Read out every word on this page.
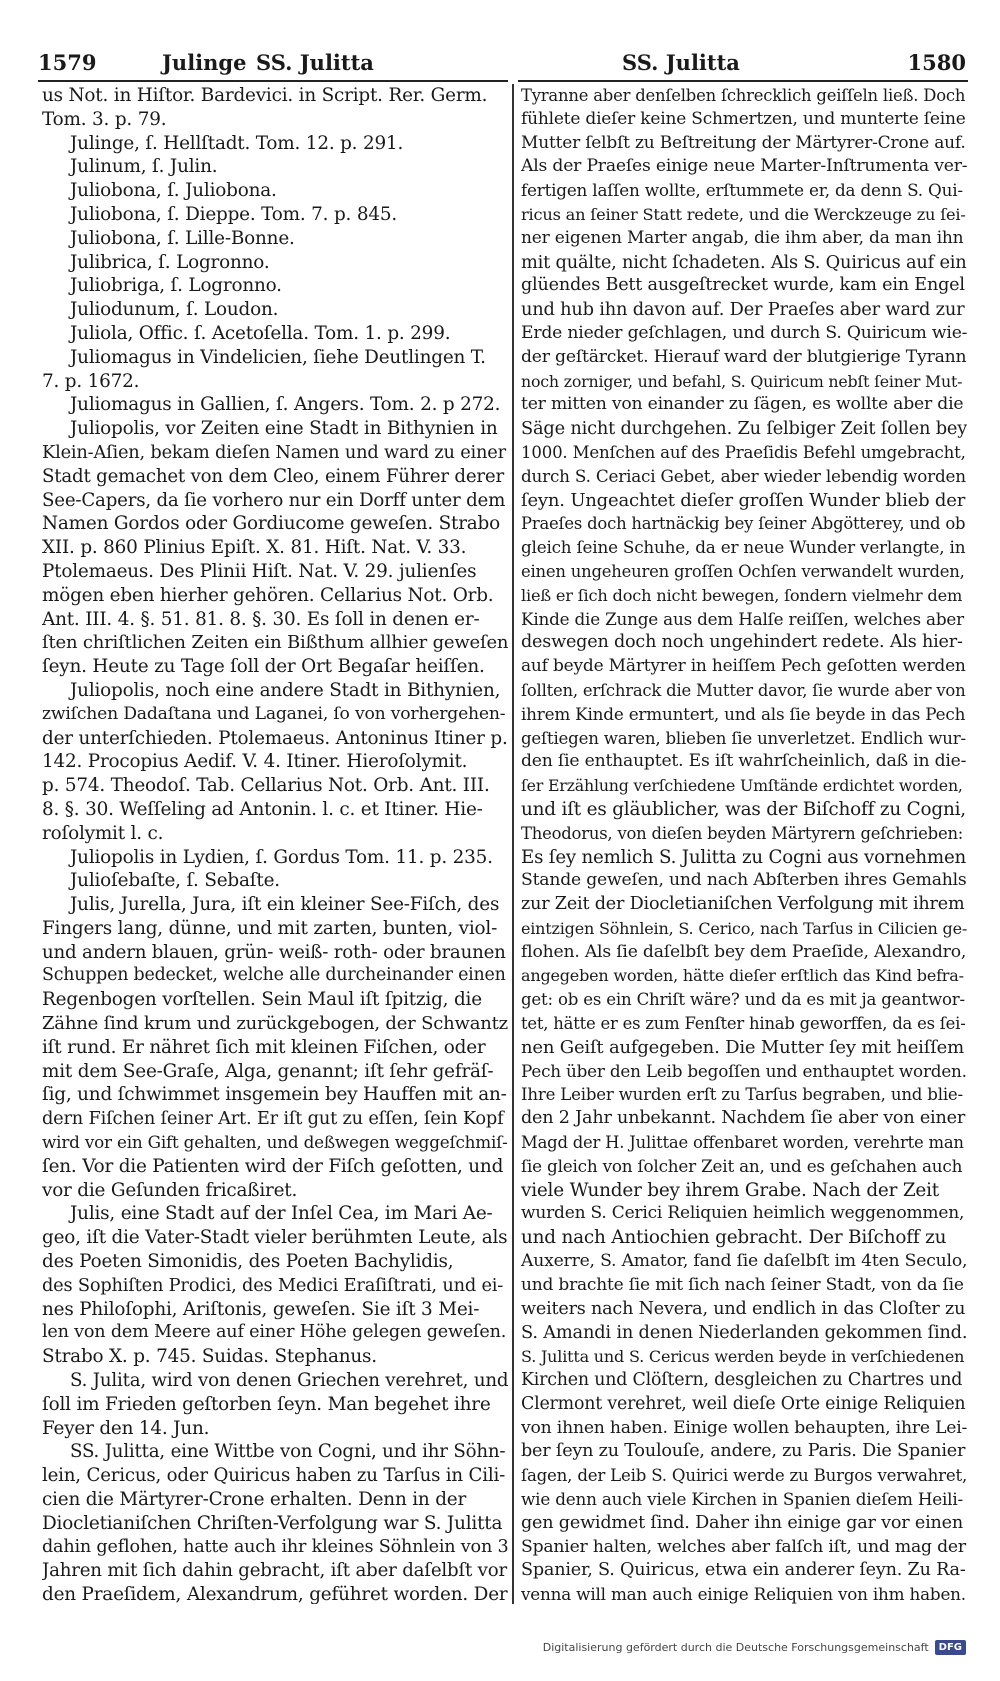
1579	Julinge SS. Julitta	SS. Julitta	1580
us Not. in Hiſtor. Bardevici. in Script. Rer. Germ.
Tom. 3. p. 79.
Julinge, ſ. Hellſtadt. Tom. 12. p. 291.
Julinum, ſ. Julin.
Juliobona, ſ. Juliobona.
Juliobona, ſ. Dieppe. Tom. 7. p. 845.
Juliobona, ſ. Lille-Bonne.
Julibrica, ſ. Logronno.
Juliobriga, ſ. Logronno.
Juliodunum, ſ. Loudon.
Juliola, Offic. ſ. Acetoſella. Tom. 1. p. 299.
Juliomagus in Vindelicien, ſiehe Deutlingen T.
7. p. 1672.
Juliomagus in Gallien, ſ. Angers. Tom. 2. p 272.
Juliopolis, vor Zeiten eine Stadt in Bithynien in
Klein-Aſien, bekam dieſen Namen und ward zu einer
Stadt gemachet von dem Cleo, einem Führer derer
See-Capers, da ſie vorhero nur ein Dorff unter dem
Namen Gordos oder Gordiucome geweſen. Strabo
XII. p. 860 Plinius Epiſt. X. 81. Hiſt. Nat. V. 33.
Ptolemaeus. Des Plinii Hiſt. Nat. V. 29. julienſes
mögen eben hierher gehören. Cellarius Not. Orb.
Ant. III. 4. §. 51. 81. 8. §. 30. Es ſoll in denen er-
ſten chriſtlichen Zeiten ein Bißthum allhier geweſen
ſeyn. Heute zu Tage ſoll der Ort Begaſar heiſſen.
Juliopolis, noch eine andere Stadt in Bithynien,
zwiſchen Dadaſtana und Laganei, ſo von vorhergehen-
der unterſchieden. Ptolemaeus. Antoninus Itiner p.
142. Procopius Aedif. V. 4. Itiner. Hieroſolymit.
p. 574. Theodoſ. Tab. Cellarius Not. Orb. Ant. III.
8. §. 30. Weſſeling ad Antonin. l. c. et Itiner. Hie-
roſolymit l. c.
Juliopolis in Lydien, ſ. Gordus Tom. 11. p. 235.
Julioſebaſte, ſ. Sebaſte.
Julis, Jurella, Jura, iſt ein kleiner See-Fiſch, des
Fingers lang, dünne, und mit zarten, bunten, viol-
und andern blauen, grün- weiß- roth- oder braunen
Schuppen bedecket, welche alle durcheinander einen
Regenbogen vorſtellen. Sein Maul iſt ſpitzig, die
Zähne ſind krum und zurückgebogen, der Schwantz
iſt rund. Er nähret ſich mit kleinen Fiſchen, oder
mit dem See-Graſe, Alga, genannt; iſt ſehr gefräſ-
ſig, und ſchwimmet insgemein bey Hauffen mit an-
dern Fiſchen ſeiner Art. Er iſt gut zu eſſen, ſein Kopf
wird vor ein Gift gehalten, und deßwegen weggeſchmiſ-
ſen. Vor die Patienten wird der Fiſch geſotten, und
vor die Geſunden fricaßiret.
Julis, eine Stadt auf der Inſel Cea, im Mari Ae-
geo, iſt die Vater-Stadt vieler berühmten Leute, als
des Poeten Simonidis, des Poeten Bachylidis,
des Sophiſten Prodici, des Medici Eraſiſtrati, und ei-
nes Philoſophi, Ariſtonis, geweſen. Sie iſt 3 Mei-
len von dem Meere auf einer Höhe gelegen geweſen.
Strabo X. p. 745. Suidas. Stephanus.
S. Julita, wird von denen Griechen verehret, und
ſoll im Frieden geſtorben ſeyn. Man begehet ihre
Feyer den 14. Jun.
SS. Julitta, eine Wittbe von Cogni, und ihr Söhn-
lein, Cericus, oder Quiricus haben zu Tarſus in Cili-
cien die Märtyrer-Crone erhalten. Denn in der
Diocletianiſchen Chriſten-Verfolgung war S. Julitta
dahin geflohen, hatte auch ihr kleines Söhnlein von 3
Jahren mit ſich dahin gebracht, iſt aber daſelbſt vor
den Praeſidem, Alexandrum, geführet worden. Der
Tyranne aber denſelben ſchrecklich geiſſeln ließ. Doch
fühlete dieſer keine Schmertzen, und munterte ſeine
Mutter ſelbſt zu Beſtreitung der Märtyrer-Crone auf.
Als der Praeſes einige neue Marter-Inſtrumenta ver-
fertigen laſſen wollte, erſtummete er, da denn S. Qui-
ricus an ſeiner Statt redete, und die Werckzeuge zu ſei-
ner eigenen Marter angab, die ihm aber, da man ihn
mit quälte, nicht ſchadeten. Als S. Quiricus auf ein
glüendes Bett ausgeſtrecket wurde, kam ein Engel
und hub ihn davon auf. Der Praeſes aber ward zur
Erde nieder geſchlagen, und durch S. Quiricum wie-
der geſtärcket. Hierauf ward der blutgierige Tyrann
noch zorniger, und befahl, S. Quiricum nebſt ſeiner Mut-
ter mitten von einander zu ſägen, es wollte aber die
Säge nicht durchgehen. Zu ſelbiger Zeit ſollen bey
1000. Menſchen auf des Praeſidis Befehl umgebracht,
durch S. Ceriaci Gebet, aber wieder lebendig worden
ſeyn. Ungeachtet dieſer groſſen Wunder blieb der
Praeſes doch hartnäckig bey ſeiner Abgötterey, und ob
gleich ſeine Schuhe, da er neue Wunder verlangte, in
einen ungeheuren groſſen Ochſen verwandelt wurden,
ließ er ſich doch nicht bewegen, ſondern vielmehr dem
Kinde die Zunge aus dem Halſe reiſſen, welches aber
deswegen doch noch ungehindert redete. Als hier-
auf beyde Märtyrer in heiſſem Pech geſotten werden
ſollten, erſchrack die Mutter davor, ſie wurde aber von
ihrem Kinde ermuntert, und als ſie beyde in das Pech
geſtiegen waren, blieben ſie unverletzet. Endlich wur-
den ſie enthauptet. Es iſt wahrſcheinlich, daß in die-
ſer Erzählung verſchiedene Umſtände erdichtet worden,
und iſt es gläublicher, was der Biſchoff zu Cogni,
Theodorus, von dieſen beyden Märtyrern geſchrieben:
Es ſey nemlich S. Julitta zu Cogni aus vornehmen
Stande geweſen, und nach Abſterben ihres Gemahls
zur Zeit der Diocletianiſchen Verfolgung mit ihrem
eintzigen Söhnlein, S. Cerico, nach Tarſus in Cilicien ge-
flohen. Als ſie daſelbſt bey dem Praeſide, Alexandro,
angegeben worden, hätte dieſer erſtlich das Kind befra-
get: ob es ein Chriſt wäre? und da es mit ja geantwor-
tet, hätte er es zum Fenſter hinab geworffen, da es ſei-
nen Geiſt aufgegeben. Die Mutter ſey mit heiſſem
Pech über den Leib begoſſen und enthauptet worden.
Ihre Leiber wurden erſt zu Tarſus begraben, und blie-
den 2 Jahr unbekannt. Nachdem ſie aber von einer
Magd der H. Julittae offenbaret worden, verehrte man
ſie gleich von ſolcher Zeit an, und es geſchahen auch
viele Wunder bey ihrem Grabe. Nach der Zeit
wurden S. Cerici Reliquien heimlich weggenommen,
und nach Antiochien gebracht. Der Biſchoff zu
Auxerre, S. Amator, fand ſie daſelbſt im 4ten Seculo,
und brachte ſie mit ſich nach ſeiner Stadt, von da ſie
weiters nach Nevera, und endlich in das Cloſter zu
S. Amandi in denen Niederlanden gekommen ſind.
S. Julitta und S. Cericus werden beyde in verſchiedenen
Kirchen und Clöſtern, desgleichen zu Chartres und
Clermont verehret, weil dieſe Orte einige Reliquien
von ihnen haben. Einige wollen behaupten, ihre Lei-
ber ſeyn zu Toulouſe, andere, zu Paris. Die Spanier
ſagen, der Leib S. Quirici werde zu Burgos verwahret,
wie denn auch viele Kirchen in Spanien dieſem Heili-
gen gewidmet ſind. Daher ihn einige gar vor einen
Spanier halten, welches aber falſch iſt, und mag der
Spanier, S. Quiricus, etwa ein anderer ſeyn. Zu Ra-
venna will man auch einige Reliquien von ihm haben.
Digitalisierung gefördert durch die Deutsche Forschungsgemeinschaft	DFG
